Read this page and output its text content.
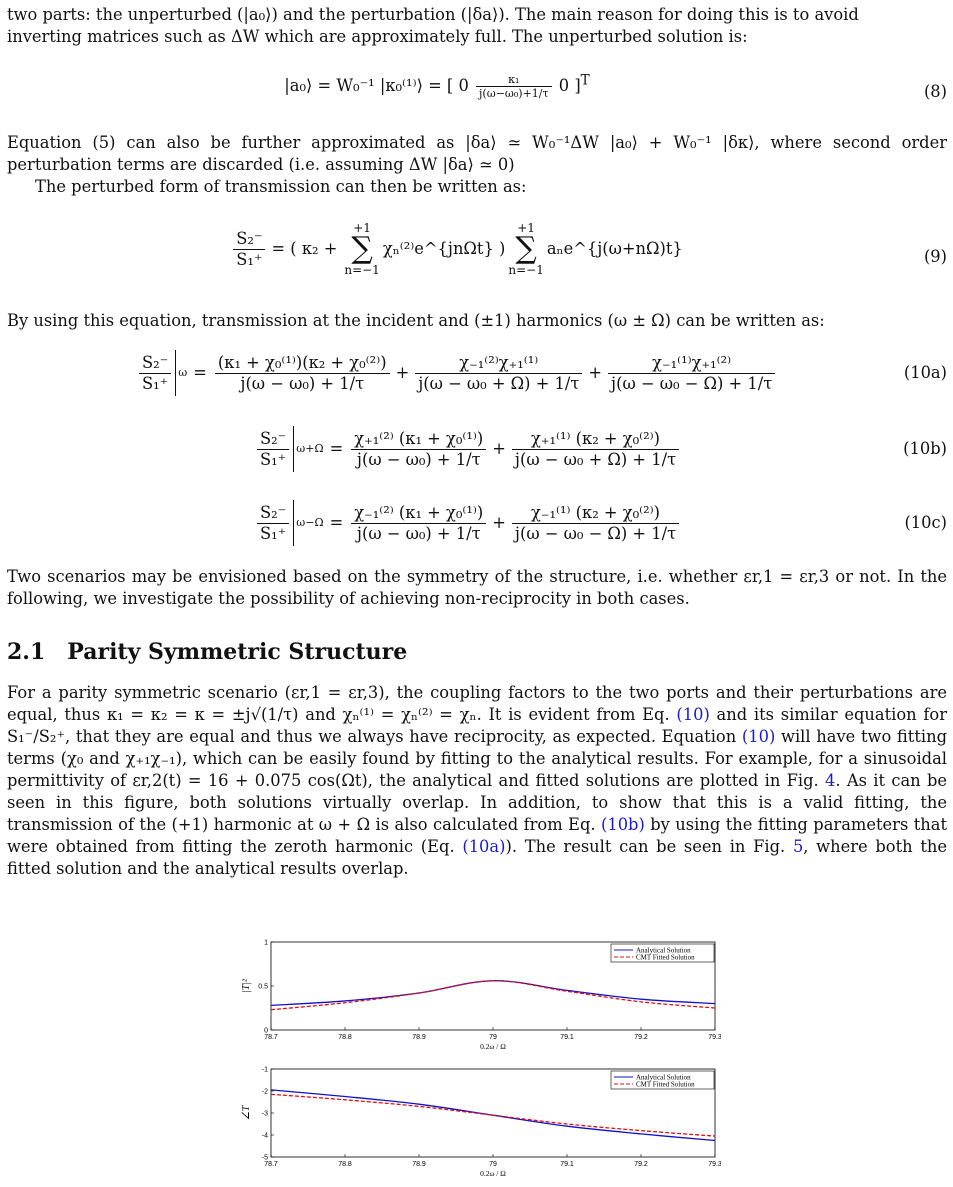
two parts: the unperturbed (|a₀⟩) and the perturbation (|δa⟩). The main reason for doing this is to avoid

inverting matrices such as ΔW which are approximately full. The unperturbed solution is:

|a₀⟩ = W₀⁻¹ |κ₀⁽¹⁾⟩ = [ $0 \frac{\text{κ₁}}{\text{j(ω−ω₀)+1/τ}} 0$ ]$^T$
(8)

Equation (5) can also be further approximated as |δa⟩ ≃ W₀⁻¹ΔW |a₀⟩ + W₀⁻¹ |δκ⟩, where second order perturbation terms are discarded (i.e. assuming ΔW |δa⟩ ≃ 0)

The perturbed form of transmission can then be written as:

$\frac{\text{S₂⁻}}{\text{S₁⁺}}$ = ( κ₂ +
+1
∑
n=−1
χₙ⁽²⁾e^{jnΩt} )
+1
∑
n=−1
aₙe^{j(ω+nΩ)t}	(9)

By using this equation, transmission at the incident and (±1) harmonics (ω ± Ω) can be written as:

$\frac{\text{S₂⁻}}{\text{S₁⁺}}$ $\omega = \frac{\text{(κ₁ + χ₀⁽¹⁾)(κ₂ + χ₀⁽²⁾)}}{\text{j(ω − ω₀) + 1/τ}} + \frac{\text{χ₋₁⁽²⁾χ₊₁⁽¹⁾}}{\text{j(ω − ω₀ + Ω) + 1/τ}} + \frac{\text{χ₋₁⁽¹⁾χ₊₁⁽²⁾}}{\text{j(ω − ω₀ − Ω) + 1/τ}}$	(10a)
$\frac{\text{S₂⁻}}{\text{S₁⁺}} \omega+\Omega = \frac{\text{χ₊₁⁽²⁾ (κ₁ + χ₀⁽¹⁾)}}{\text{j(ω − ω₀) + 1/τ}} + \frac{\text{χ₊₁⁽¹⁾ (κ₂ + χ₀⁽²⁾)}}{\text{j(ω − ω₀ + Ω) + 1/τ}}$	(10b)
$\frac{\text{S₂⁻}}{\text{S₁⁺}} \omega-\Omega = \frac{\text{χ₋₁⁽²⁾ (κ₁ + χ₀⁽¹⁾)}}{\text{j(ω − ω₀) + 1/τ}} + \frac{\text{χ₋₁⁽¹⁾ (κ₂ + χ₀⁽²⁾)}}{\text{j(ω − ω₀ − Ω) + 1/τ}}$	(10c)

Two scenarios may be envisioned based on the symmetry of the structure, i.e. whether εr,1 = εr,3 or not. In the following, we investigate the possibility of achieving non-reciprocity in both cases.

2.1 Parity Symmetric Structure

For a parity symmetric scenario (εr,1 = εr,3), the coupling factors to the two ports and their perturbations are equal, thus κ₁ = κ₂ = κ = ±j√(1/τ) and χₙ⁽¹⁾ = χₙ⁽²⁾ = χₙ. It is evident from Eq. (10) and its similar equation for S₁⁻/S₂⁺, that they are equal and thus we always have reciprocity, as expected. Equation (10) will have two fitting terms (χ₀ and χ₊₁χ₋₁), which can be easily found by fitting to the analytical results. For example, for a sinusoidal permittivity of εr,2(t) = 16 + 0.075 cos(Ωt), the analytical and fitted solutions are plotted in Fig. 4. As it can be seen in this figure, both solutions virtually overlap. In addition, to show that this is a valid fitting, the transmission of the (+1) harmonic at ω + Ω is also calculated from Eq. (10b) by using the fitting parameters that were obtained from fitting the zeroth harmonic (Eq. (10a)). The result can be seen in Fig. 5, where both the fitted solution and the analytical results overlap.

78.7	78.8	78.9	79	79.1	79.2	79.3
0
0.5
1
|T|²
0.2ω / Ω
Analytical Solution
CMT Fitted Solution
78.7	78.8	78.9	79	79.1	79.2	79.3
-1
-2
-3
-4
-5
∠T
0.2ω / Ω
Analytical Solution
CMT Fitted Solution
